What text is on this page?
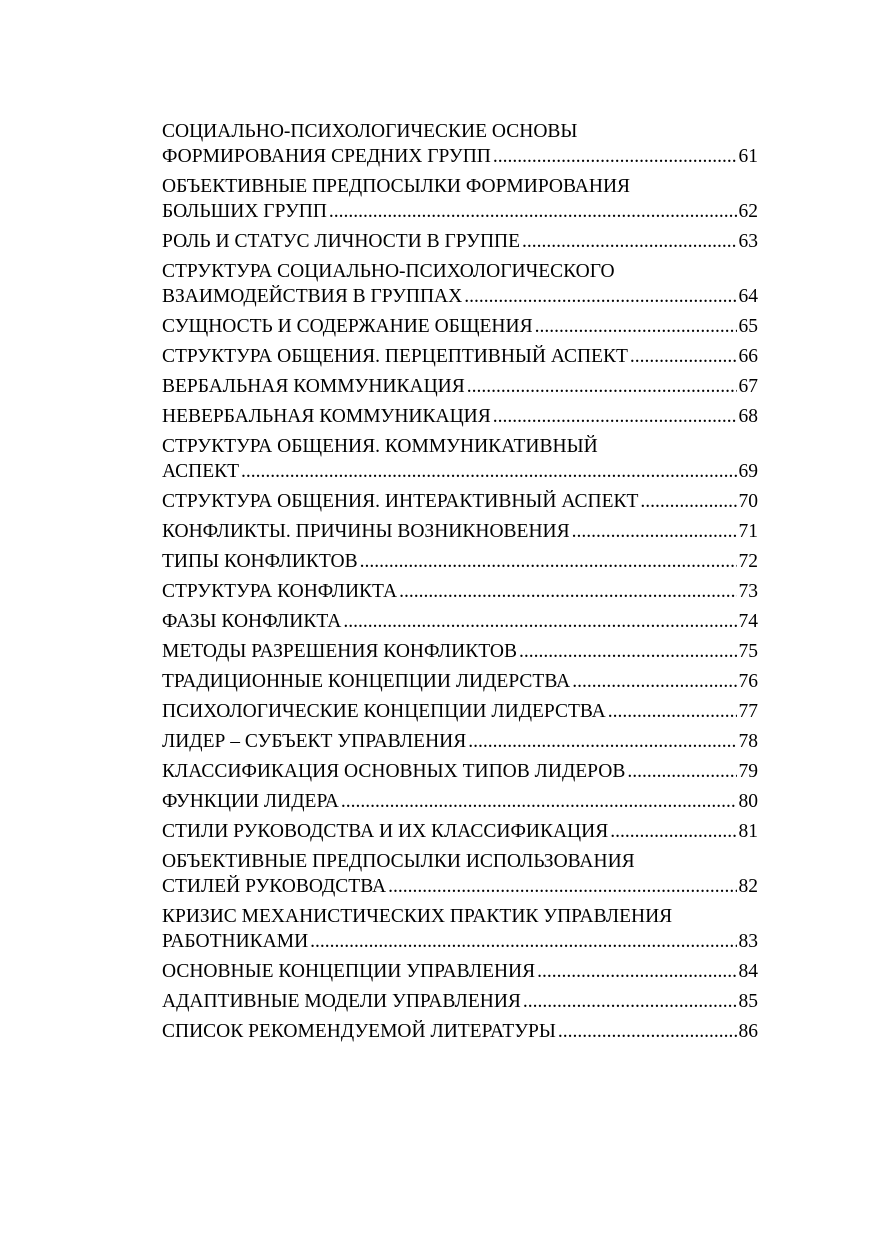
СОЦИАЛЬНО-ПСИХОЛОГИЧЕСКИЕ ОСНОВЫ
ФОРМИРОВАНИЯ СРЕДНИХ ГРУПП .....	61
ОБЪЕКТИВНЫЕ ПРЕДПОСЫЛКИ ФОРМИРОВАНИЯ
БОЛЬШИХ ГРУПП .....	62
РОЛЬ И СТАТУС ЛИЧНОСТИ В ГРУППЕ .....	63
СТРУКТУРА СОЦИАЛЬНО-ПСИХОЛОГИЧЕСКОГО
ВЗАИМОДЕЙСТВИЯ В ГРУППАХ .....	64
СУЩНОСТЬ И СОДЕРЖАНИЕ ОБЩЕНИЯ .....	65
СТРУКТУРА ОБЩЕНИЯ. ПЕРЦЕПТИВНЫЙ АСПЕКТ .....	66
ВЕРБАЛЬНАЯ КОММУНИКАЦИЯ .....	67
НЕВЕРБАЛЬНАЯ КОММУНИКАЦИЯ .....	68
СТРУКТУРА ОБЩЕНИЯ. КОММУНИКАТИВНЫЙ
АСПЕКТ .....	69
СТРУКТУРА ОБЩЕНИЯ. ИНТЕРАКТИВНЫЙ АСПЕКТ .....	70
КОНФЛИКТЫ. ПРИЧИНЫ ВОЗНИКНОВЕНИЯ .....	71
ТИПЫ КОНФЛИКТОВ .....	72
СТРУКТУРА КОНФЛИКТА .....	73
ФАЗЫ КОНФЛИКТА .....	74
МЕТОДЫ РАЗРЕШЕНИЯ КОНФЛИКТОВ .....	75
ТРАДИЦИОННЫЕ КОНЦЕПЦИИ ЛИДЕРСТВА .....	76
ПСИХОЛОГИЧЕСКИЕ КОНЦЕПЦИИ ЛИДЕРСТВА .....	77
ЛИДЕР – СУБЪЕКТ УПРАВЛЕНИЯ .....	78
КЛАССИФИКАЦИЯ ОСНОВНЫХ ТИПОВ ЛИДЕРОВ .....	79
ФУНКЦИИ ЛИДЕРА .....	80
СТИЛИ РУКОВОДСТВА И ИХ КЛАССИФИКАЦИЯ .....	81
ОБЪЕКТИВНЫЕ ПРЕДПОСЫЛКИ ИСПОЛЬЗОВАНИЯ
СТИЛЕЙ РУКОВОДСТВА .....	82
КРИЗИС МЕХАНИСТИЧЕСКИХ ПРАКТИК УПРАВЛЕНИЯ
РАБОТНИКАМИ .....	83
ОСНОВНЫЕ КОНЦЕПЦИИ УПРАВЛЕНИЯ .....	84
АДАПТИВНЫЕ МОДЕЛИ УПРАВЛЕНИЯ .....	85
СПИСОК РЕКОМЕНДУЕМОЙ ЛИТЕРАТУРЫ .....	86
